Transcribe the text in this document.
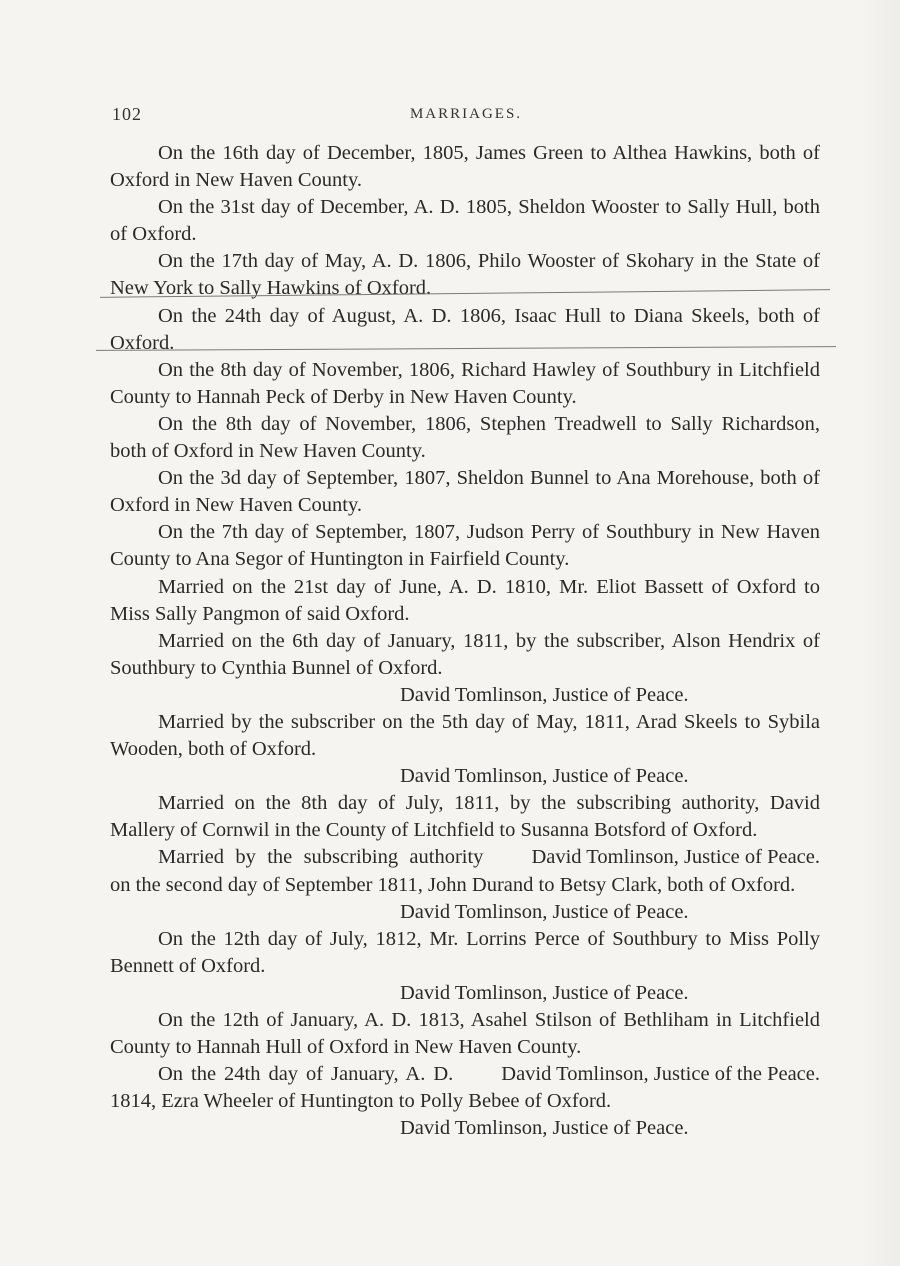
102	MARRIAGES.

On the 16th day of December, 1805, James Green to Althea Hawkins, both of Oxford in New Haven County.

On the 31st day of December, A. D. 1805, Sheldon Wooster to Sally Hull, both of Oxford.

On the 17th day of May, A. D. 1806, Philo Wooster of Skohary in the State of New York to Sally Hawkins of Oxford.

On the 24th day of August, A. D. 1806, Isaac Hull to Diana Skeels, both of Oxford.

On the 8th day of November, 1806, Richard Hawley of Southbury in Litchfield County to Hannah Peck of Derby in New Haven County.

On the 8th day of November, 1806, Stephen Treadwell to Sally Richardson, both of Oxford in New Haven County.

On the 3d day of September, 1807, Sheldon Bunnel to Ana Morehouse, both of Oxford in New Haven County.

On the 7th day of September, 1807, Judson Perry of Southbury in New Haven County to Ana Segor of Huntington in Fairfield County.

Married on the 21st day of June, A. D. 1810, Mr. Eliot Bassett of Oxford to Miss Sally Pangmon of said Oxford.

Married on the 6th day of January, 1811, by the subscriber, Alson Hendrix of Southbury to Cynthia Bunnel of Oxford.

David Tomlinson, Justice of Peace.

Married by the subscriber on the 5th day of May, 1811, Arad Skeels to Sybila Wooden, both of Oxford.

David Tomlinson, Justice of Peace.

Married on the 8th day of July, 1811, by the subscribing authority, David Mallery of Cornwil in the County of Litchfield to Susanna Botsford of Oxford.
David Tomlinson, Justice of Peace.

Married by the subscribing authority on the second day of September 1811, John Durand to Betsy Clark, both of Oxford.

David Tomlinson, Justice of Peace.

On the 12th day of July, 1812, Mr. Lorrins Perce of Southbury to Miss Polly Bennett of Oxford.

David Tomlinson, Justice of Peace.

On the 12th of January, A. D. 1813, Asahel Stilson of Bethliham in Litchfield County to Hannah Hull of Oxford in New Haven County.
David Tomlinson, Justice of the Peace.

On the 24th day of January, A. D. 1814, Ezra Wheeler of Huntington to Polly Bebee of Oxford.

David Tomlinson, Justice of Peace.
